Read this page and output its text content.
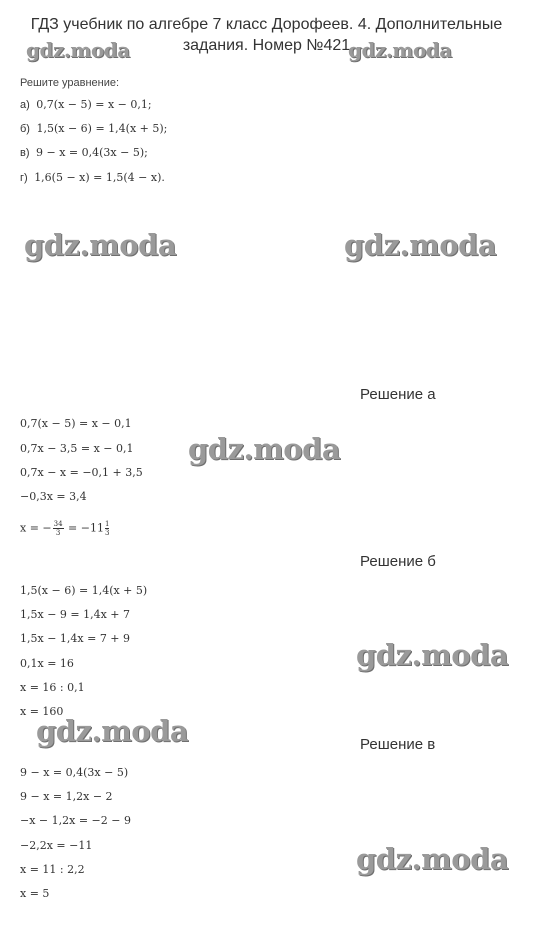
ГДЗ учебник по алгебре 7 класс Дорофеев. 4. Дополнительные
задания. Номер №421
gdz.moda	gdz.moda
gdz.moda	gdz.moda
gdz.moda
gdz.moda
gdz.moda
gdz.moda
Решите уравнение:
а) 0,7(x − 5) = x − 0,1;
б) 1,5(x − 6) = 1,4(x + 5);
в) 9 − x = 0,4(3x − 5);
г) 1,6(5 − x) = 1,5(4 − x).
Решение а
0,7(x − 5) = x − 0,1
0,7x − 3,5 = x − 0,1
0,7x − x = −0,1 + 3,5
−0,3x = 3,4
x = − $\frac{34}{3} = -11 \frac{1}{3}$
Решение б
1,5(x − 6) = 1,4(x + 5)
1,5x − 9 = 1,4x + 7
1,5x − 1,4x = 7 + 9
0,1x = 16
x = 16 : 0,1
x = 160
Решение в
9 − x = 0,4(3x − 5)
9 − x = 1,2x − 2
−x − 1,2x = −2 − 9
−2,2x = −11
x = 11 : 2,2
x = 5
